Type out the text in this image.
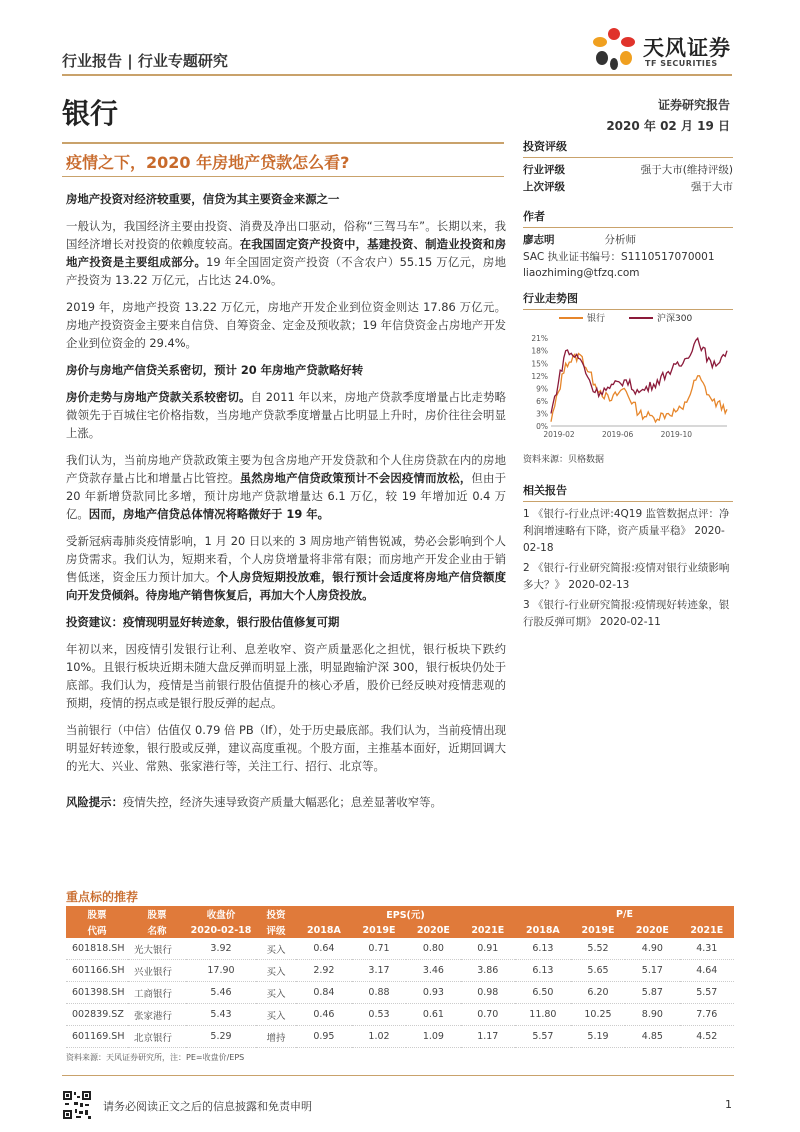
行业报告 | 行业专题研究
天风证券
TF SECURITIES
银行	证券研究报告
2020 年 02 月 19 日
疫情之下，2020 年房地产贷款怎么看?

房地产投资对经济较重要，信贷为其主要资金来源之一

一般认为，我国经济主要由投资、消费及净出口驱动，俗称“三驾马车”。长期以来，我国经济增长对投资的依赖度较高。在我国固定资产投资中，基建投资、制造业投资和房地产投资是主要组成部分。19 年全国固定资产投资（不含农户）55.15 万亿元，房地产投资为 13.22 万亿元，占比达 24.0%。

2019 年，房地产投资 13.22 万亿元，房地产开发企业到位资金则达 17.86 万亿元。房地产投资资金主要来自信贷、自筹资金、定金及预收款；19 年信贷资金占房地产开发企业到位资金的 29.4%。

房价与房地产信贷关系密切，预计 20 年房地产贷款略好转

房价走势与房地产贷款关系较密切。自 2011 年以来，房地产贷款季度增量占比走势略微领先于百城住宅价格指数，当房地产贷款季度增量占比明显上升时，房价往往会明显上涨。

我们认为，当前房地产贷款政策主要为包含房地产开发贷款和个人住房贷款在内的房地产贷款存量占比和增量占比管控。虽然房地产信贷政策预计不会因疫情而放松，但由于 20 年新增贷款同比多增，预计房地产贷款增量达 6.1 万亿，较 19 年增加近 0.4 万亿。因而，房地产信贷总体情况将略微好于 19 年。

受新冠病毒肺炎疫情影响，1 月 20 日以来的 3 周房地产销售锐减，势必会影响到个人房贷需求。我们认为，短期来看，个人房贷增量将非常有限；而房地产开发企业由于销售低迷，资金压力预计加大。个人房贷短期投放难，银行预计会适度将房地产信贷额度向开发贷倾斜。待房地产销售恢复后，再加大个人房贷投放。

投资建议：疫情现明显好转迹象，银行股估值修复可期

年初以来，因疫情引发银行让利、息差收窄、资产质量恶化之担忧，银行板块下跌约 10%。且银行板块近期未随大盘反弹而明显上涨，明显跑输沪深 300，银行板块仍处于底部。我们认为，疫情是当前银行股估值提升的核心矛盾，股价已经反映对疫情悲观的预期，疫情的拐点或是银行股反弹的起点。

当前银行（中信）估值仅 0.79 倍 PB（lf），处于历史最底部。我们认为，当前疫情出现明显好转迹象，银行股或反弹，建议高度重视。个股方面，主推基本面好，近期回调大的光大、兴业、常熟、张家港行等，关注工行、招行、北京等。

风险提示：疫情失控，经济失速导致资产质量大幅恶化；息差显著收窄等。

投资评级
行业评级	强于大市(维持评级)
上次评级	强于大市
作者
廖志明	分析师
SAC 执业证书编号：S1110517070001
liaozhiming@tfzq.com
行业走势图
银行	沪深300
0%
3%
6%
9%
12%
15%
18%
21%
2019-02	2019-06	2019-10
资料来源：贝格数据
相关报告

1 《银行-行业点评:4Q19 监管数据点评：净利润增速略有下降，资产质量平稳》 2020-02-18

2 《银行-行业研究简报:疫情对银行业绩影响多大？》 2020-02-13

3 《银行-行业研究简报:疫情现好转迹象，银行股反弹可期》 2020-02-11

重点标的推荐
股票	股票	收盘价	投资	EPS(元)				P/E			
代码	名称	2020-02-18	评级	2018A	2019E	2020E	2021E	2018A	2019E	2020E	2021E
601818.SH	光大银行	3.92	买入	0.64	0.71	0.80	0.91	6.13	5.52	4.90	4.31
601166.SH	兴业银行	17.90	买入	2.92	3.17	3.46	3.86	6.13	5.65	5.17	4.64
601398.SH	工商银行	5.46	买入	0.84	0.88	0.93	0.98	6.50	6.20	5.87	5.57
002839.SZ	张家港行	5.43	买入	0.46	0.53	0.61	0.70	11.80	10.25	8.90	7.76
601169.SH	北京银行	5.29	增持	0.95	1.02	1.09	1.17	5.57	5.19	4.85	4.52
资料来源：天风证券研究所，注：PE=收盘价/EPS
请务必阅读正文之后的信息披露和免责申明	1
